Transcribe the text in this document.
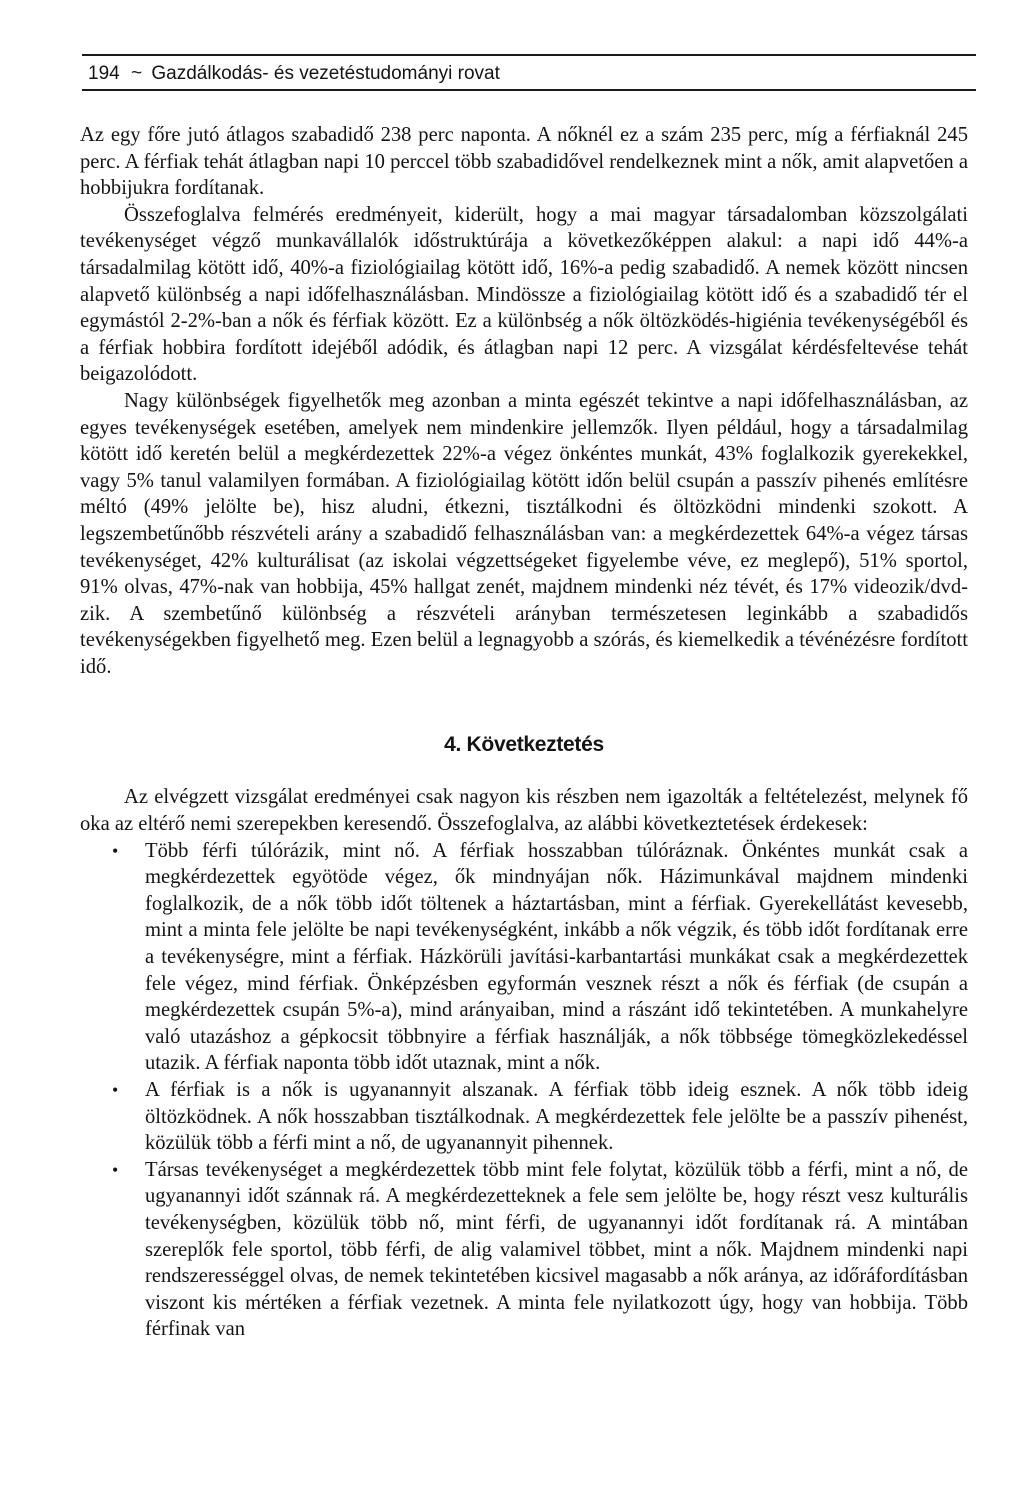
194 ~ Gazdálkodás- és vezetéstudományi rovat

Az egy főre jutó átlagos szabadidő 238 perc naponta. A nőknél ez a szám 235 perc, míg a férfiaknál 245 perc. A férfiak tehát átlagban napi 10 perccel több szabadidővel rendelkeznek mint a nők, amit alapvetően a hobbijukra fordítanak.

Összefoglalva felmérés eredményeit, kiderült, hogy a mai magyar társadalomban közszolgálati tevékenységet végző munkavállalók időstruktúrája a következőképpen alakul: a napi idő 44%-a társadalmilag kötött idő, 40%-a fiziológiailag kötött idő, 16%-a pedig szabadidő. A nemek között nincsen alapvető különbség a napi időfelhasználásban. Mindössze a fiziológiailag kötött idő és a szabadidő tér el egymástól 2-2%-ban a nők és férfiak között. Ez a különbség a nők öltözködés-higiénia tevékenységéből és a férfiak hobbira fordított idejéből adódik, és átlagban napi 12 perc. A vizsgálat kérdésfeltevése tehát beigazolódott.

Nagy különbségek figyelhetők meg azonban a minta egészét tekintve a napi időfelhasználásban, az egyes tevékenységek esetében, amelyek nem mindenkire jellemzők. Ilyen például, hogy a társadalmilag kötött idő keretén belül a megkérdezettek 22%-a végez önkéntes munkát, 43% foglalkozik gyerekekkel, vagy 5% tanul valamilyen formában. A fiziológiailag kötött időn belül csupán a passzív pihenés említésre méltó (49% jelölte be), hisz aludni, étkezni, tisztálkodni és öltözködni mindenki szokott. A legszembetűnőbb részvételi arány a szabadidő felhasználásban van: a megkérdezettek 64%-a végez társas tevékenységet, 42% kulturálisat (az iskolai végzettségeket figyelembe véve, ez meglepő), 51% sportol, 91% olvas, 47%-nak van hobbija, 45% hallgat zenét, majdnem mindenki néz tévét, és 17% videozik/dvd-zik. A szembetűnő különbség a részvételi arányban természetesen leginkább a szabadidős tevékenységekben figyelhető meg. Ezen belül a legnagyobb a szórás, és kiemelkedik a tévénézésre fordított idő.

4. Következtetés

Az elvégzett vizsgálat eredményei csak nagyon kis részben nem igazolták a feltételezést, melynek fő oka az eltérő nemi szerepekben keresendő. Összefoglalva, az alábbi következtetések érdekesek:

• Több férfi túlórázik, mint nő. A férfiak hosszabban túlóráznak. Önkéntes munkát csak a megkérdezettek egyötöde végez, ők mindnyájan nők. Házimunkával majdnem mindenki foglalkozik, de a nők több időt töltenek a háztartásban, mint a férfiak. Gyerekellátást kevesebb, mint a minta fele jelölte be napi tevékenységként, inkább a nők végzik, és több időt fordítanak erre a tevékenységre, mint a férfiak. Házkörüli javítási-karbantartási munkákat csak a megkérdezettek fele végez, mind férfiak. Önképzésben egyformán vesznek részt a nők és férfiak (de csupán a megkérdezettek csupán 5%-a), mind arányaiban, mind a rászánt idő tekintetében. A munkahelyre való utazáshoz a gépkocsit többnyire a férfiak használják, a nők többsége tömegközlekedéssel utazik. A férfiak naponta több időt utaznak, mint a nők.
• A férfiak is a nők is ugyanannyit alszanak. A férfiak több ideig esznek. A nők több ideig öltözködnek. A nők hosszabban tisztálkodnak. A megkérdezettek fele jelölte be a passzív pihenést, közülük több a férfi mint a nő, de ugyanannyit pihennek.
• Társas tevékenységet a megkérdezettek több mint fele folytat, közülük több a férfi, mint a nő, de ugyanannyi időt szánnak rá. A megkérdezetteknek a fele sem jelölte be, hogy részt vesz kulturális tevékenységben, közülük több nő, mint férfi, de ugyanannyi időt fordítanak rá. A mintában szereplők fele sportol, több férfi, de alig valamivel többet, mint a nők. Majdnem mindenki napi rendszerességgel olvas, de nemek tekintetében kicsivel magasabb a nők aránya, az időráfordításban viszont kis mértéken a férfiak vezetnek. A minta fele nyilatkozott úgy, hogy van hobbija. Több férfinak van
